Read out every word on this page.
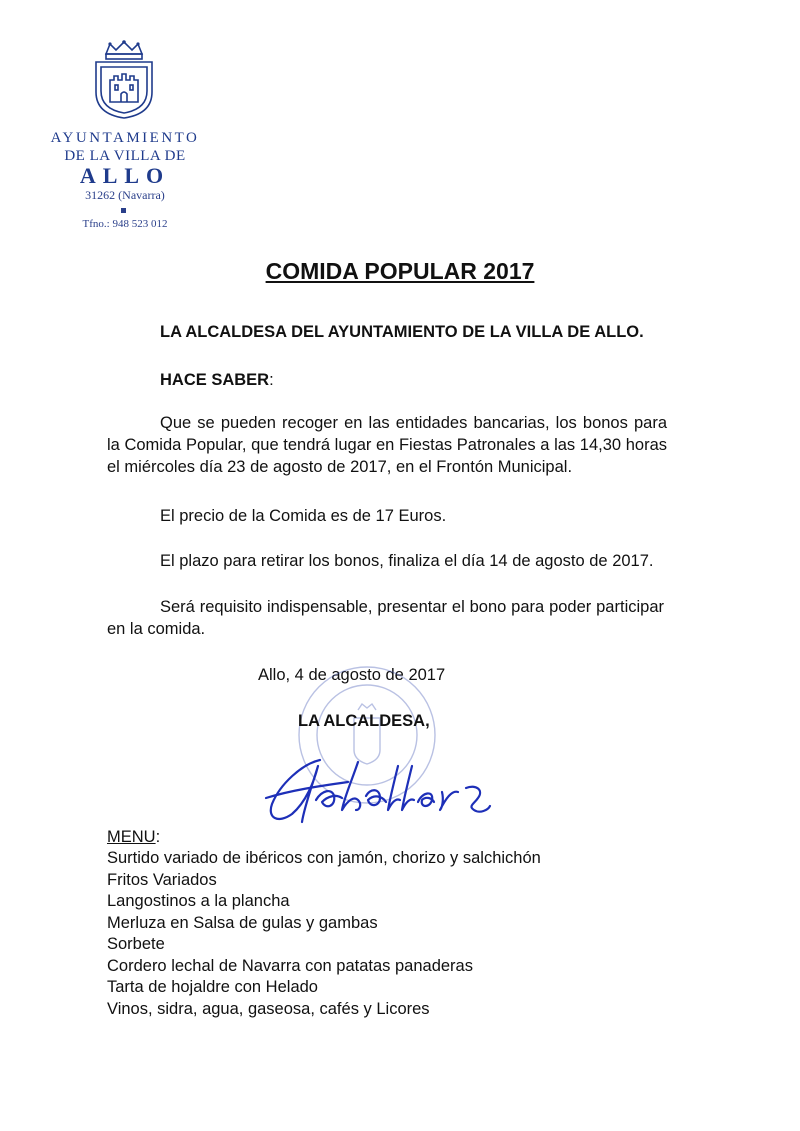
AYUNTAMIENTO
DE LA VILLA DE
ALLO
31262 (Navarra)
Tfno.: 948 523 012
COMIDA POPULAR 2017
LA ALCALDESA DEL AYUNTAMIENTO DE LA VILLA DE ALLO.
HACE SABER:
Que se pueden recoger en las entidades bancarias, los bonos para la Comida Popular, que tendrá lugar en Fiestas Patronales a las 14,30 horas el miércoles día 23 de agosto de 2017, en el Frontón Municipal.
El precio de la Comida es de 17 Euros.
El plazo para retirar los bonos, finaliza el día 14 de agosto de 2017.
Será requisito indispensable, presentar el bono para poder participar en la comida.
Allo, 4 de agosto de 2017
LA ALCALDESA,
MENU:
Surtido variado de ibéricos con jamón, chorizo y salchichón
Fritos Variados
Langostinos a la plancha
Merluza en Salsa de gulas y gambas
Sorbete
Cordero lechal de Navarra con patatas panaderas
Tarta de hojaldre con Helado
Vinos, sidra, agua, gaseosa, cafés y Licores
